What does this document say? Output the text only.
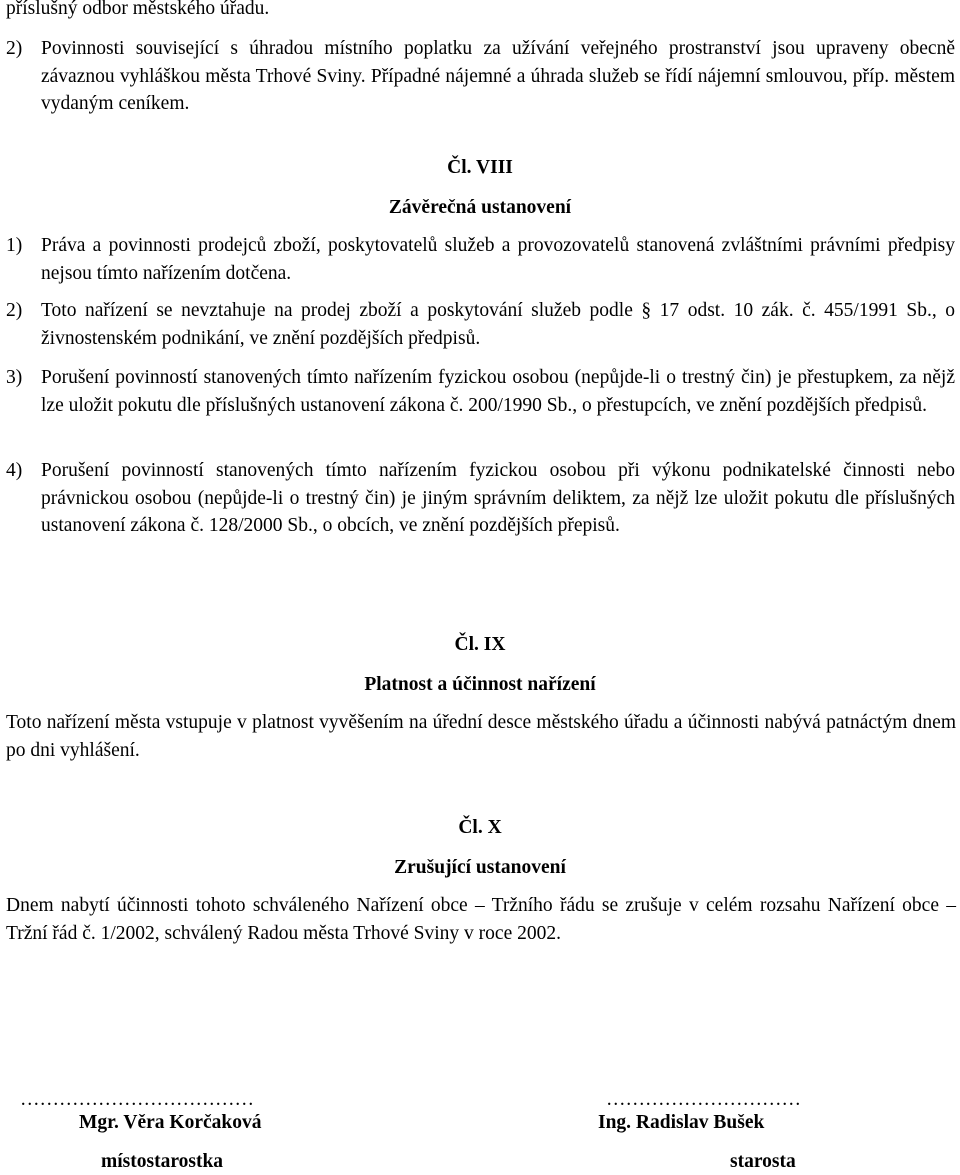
příslušný odbor městského úřadu.
2) Povinnosti související s úhradou místního poplatku za užívání veřejného prostranství jsou upraveny obecně závaznou vyhláškou města Trhové Sviny. Případné nájemné a úhrada služeb se řídí nájemní smlouvou, příp. městem vydaným ceníkem.
Čl. VIII
Závěrečná ustanovení
1) Práva a povinnosti prodejců zboží, poskytovatelů služeb a provozovatelů stanovená zvláštními právními předpisy nejsou tímto nařízením dotčena.
2) Toto nařízení se nevztahuje na prodej zboží a poskytování služeb podle § 17 odst. 10 zák. č. 455/1991 Sb., o živnostenském podnikání, ve znění pozdějších předpisů.
3) Porušení povinností stanovených tímto nařízením fyzickou osobou (nepůjde-li o trestný čin) je přestupkem, za nějž lze uložit pokutu dle příslušných ustanovení zákona č. 200/1990 Sb., o přestupcích, ve znění pozdějších předpisů.
4) Porušení povinností stanovených tímto nařízením fyzickou osobou při výkonu podnikatelské činnosti nebo právnickou osobou (nepůjde-li o trestný čin) je jiným správním deliktem, za nějž lze uložit pokutu dle příslušných ustanovení zákona č. 128/2000 Sb., o obcích, ve znění pozdějších přepisů.
Čl. IX
Platnost a účinnost nařízení
Toto nařízení města vstupuje v platnost vyvěšením na úřední desce městského úřadu a účinnosti nabývá patnáctým dnem po dni vyhlášení.
Čl. X
Zrušující ustanovení
Dnem nabytí účinnosti tohoto schváleného Nařízení obce – Tržního řádu se zrušuje v celém rozsahu Nařízení obce – Tržní řád č. 1/2002, schválený Radou města Trhové Sviny v roce 2002.
………………………………	…………………………
Mgr. Věra Korčaková	Ing. Radislav Bušek
místostarostka	starosta
